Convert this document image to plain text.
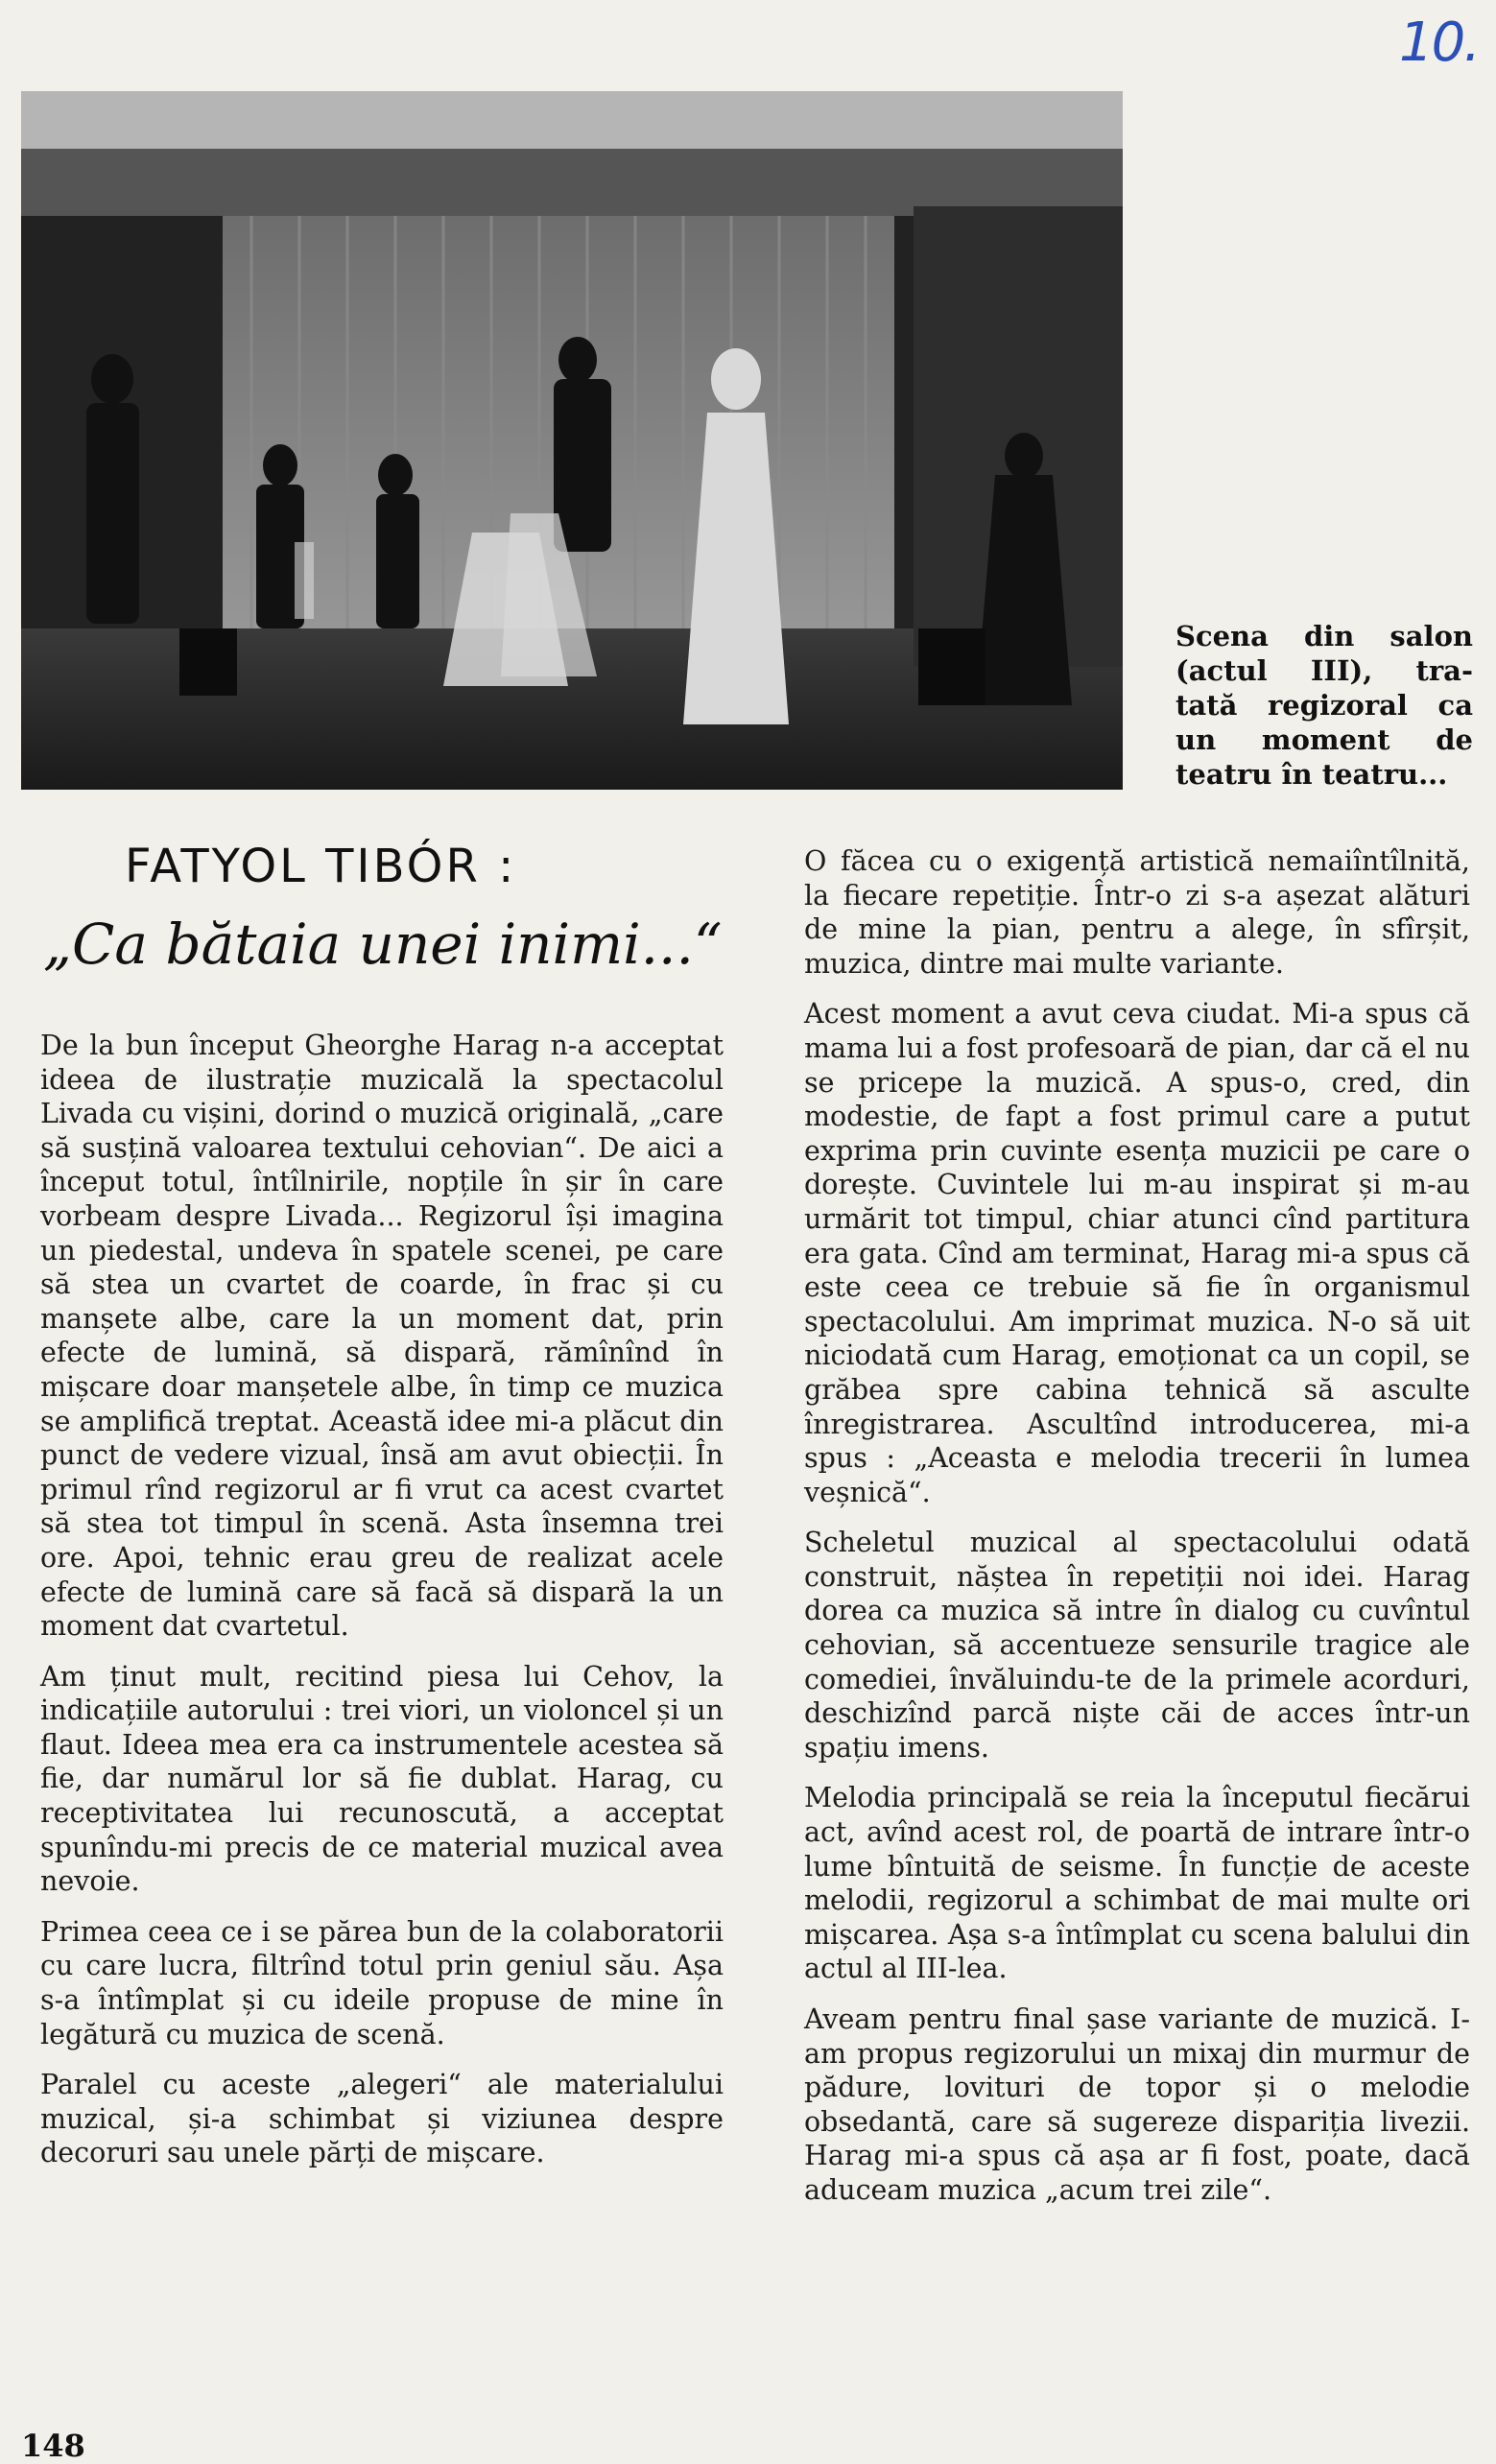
10.
Scena din salon
(actul III), tra-
tată regizoral ca
un moment de
teatru în teatru...
FATYOL TIBÓR :
„Ca bătaia unei inimi...“

De la bun început Gheorghe Harag n-a acceptat ideea de ilustrație muzicală la spectacolul Livada cu vișini, dorind o muzică originală, „care să susțină valoarea textului cehovian“. De aici a început totul, întîlnirile, nopțile în șir în care vorbeam despre Livada... Regizorul își imagina un piedestal, undeva în spatele scenei, pe care să stea un cvartet de coarde, în frac și cu manșete albe, care la un moment dat, prin efecte de lumină, să dispară, rămînînd în mișcare doar manșetele albe, în timp ce muzica se amplifică treptat. Această idee mi-a plăcut din punct de vedere vizual, însă am avut obiecții. În primul rînd regizorul ar fi vrut ca acest cvartet să stea tot timpul în scenă. Asta însemna trei ore. Apoi, tehnic erau greu de realizat acele efecte de lumină care să facă să dispară la un moment dat cvartetul.

Am ținut mult, recitind piesa lui Cehov, la indicațiile autorului : trei viori, un violoncel și un flaut. Ideea mea era ca instrumentele acestea să fie, dar numărul lor să fie dublat. Harag, cu receptivitatea lui recunoscută, a acceptat spunîndu-mi precis de ce material muzical avea nevoie.

Primea ceea ce i se părea bun de la colaboratorii cu care lucra, filtrînd totul prin geniul său. Așa s-a întîmplat și cu ideile propuse de mine în legătură cu muzica de scenă.

Paralel cu aceste „alegeri“ ale materialului muzical, și-a schimbat și viziunea despre decoruri sau unele părți de mișcare.

O făcea cu o exigență artistică nemaiîntîlnită, la fiecare repetiție. Într-o zi s-a așezat alături de mine la pian, pentru a alege, în sfîrșit, muzica, dintre mai multe variante.

Acest moment a avut ceva ciudat. Mi-a spus că mama lui a fost profesoară de pian, dar că el nu se pricepe la muzică. A spus-o, cred, din modestie, de fapt a fost primul care a putut exprima prin cuvinte esența muzicii pe care o dorește. Cuvintele lui m-au inspirat și m-au urmărit tot timpul, chiar atunci cînd partitura era gata. Cînd am terminat, Harag mi-a spus că este ceea ce trebuie să fie în organismul spectacolului. Am imprimat muzica. N-o să uit niciodată cum Harag, emoționat ca un copil, se grăbea spre cabina tehnică să asculte înregistrarea. Ascultînd introducerea, mi-a spus : „Aceasta e melodia trecerii în lumea veșnică“.

Scheletul muzical al spectacolului odată construit, năștea în repetiții noi idei. Harag dorea ca muzica să intre în dialog cu cuvîntul cehovian, să accentueze sensurile tragice ale comediei, învăluindu-te de la primele acorduri, deschizînd parcă niște căi de acces într-un spațiu imens.

Melodia principală se reia la începutul fiecărui act, avînd acest rol, de poartă de intrare într-o lume bîntuită de seisme. În funcție de aceste melodii, regizorul a schimbat de mai multe ori mișcarea. Așa s-a întîmplat cu scena balului din actul al III-lea.

Aveam pentru final șase variante de muzică. I-am propus regizorului un mixaj din murmur de pădure, lovituri de topor și o melodie obsedantă, care să sugereze dispariția livezii. Harag mi-a spus că așa ar fi fost, poate, dacă aduceam muzica „acum trei zile“.

148
